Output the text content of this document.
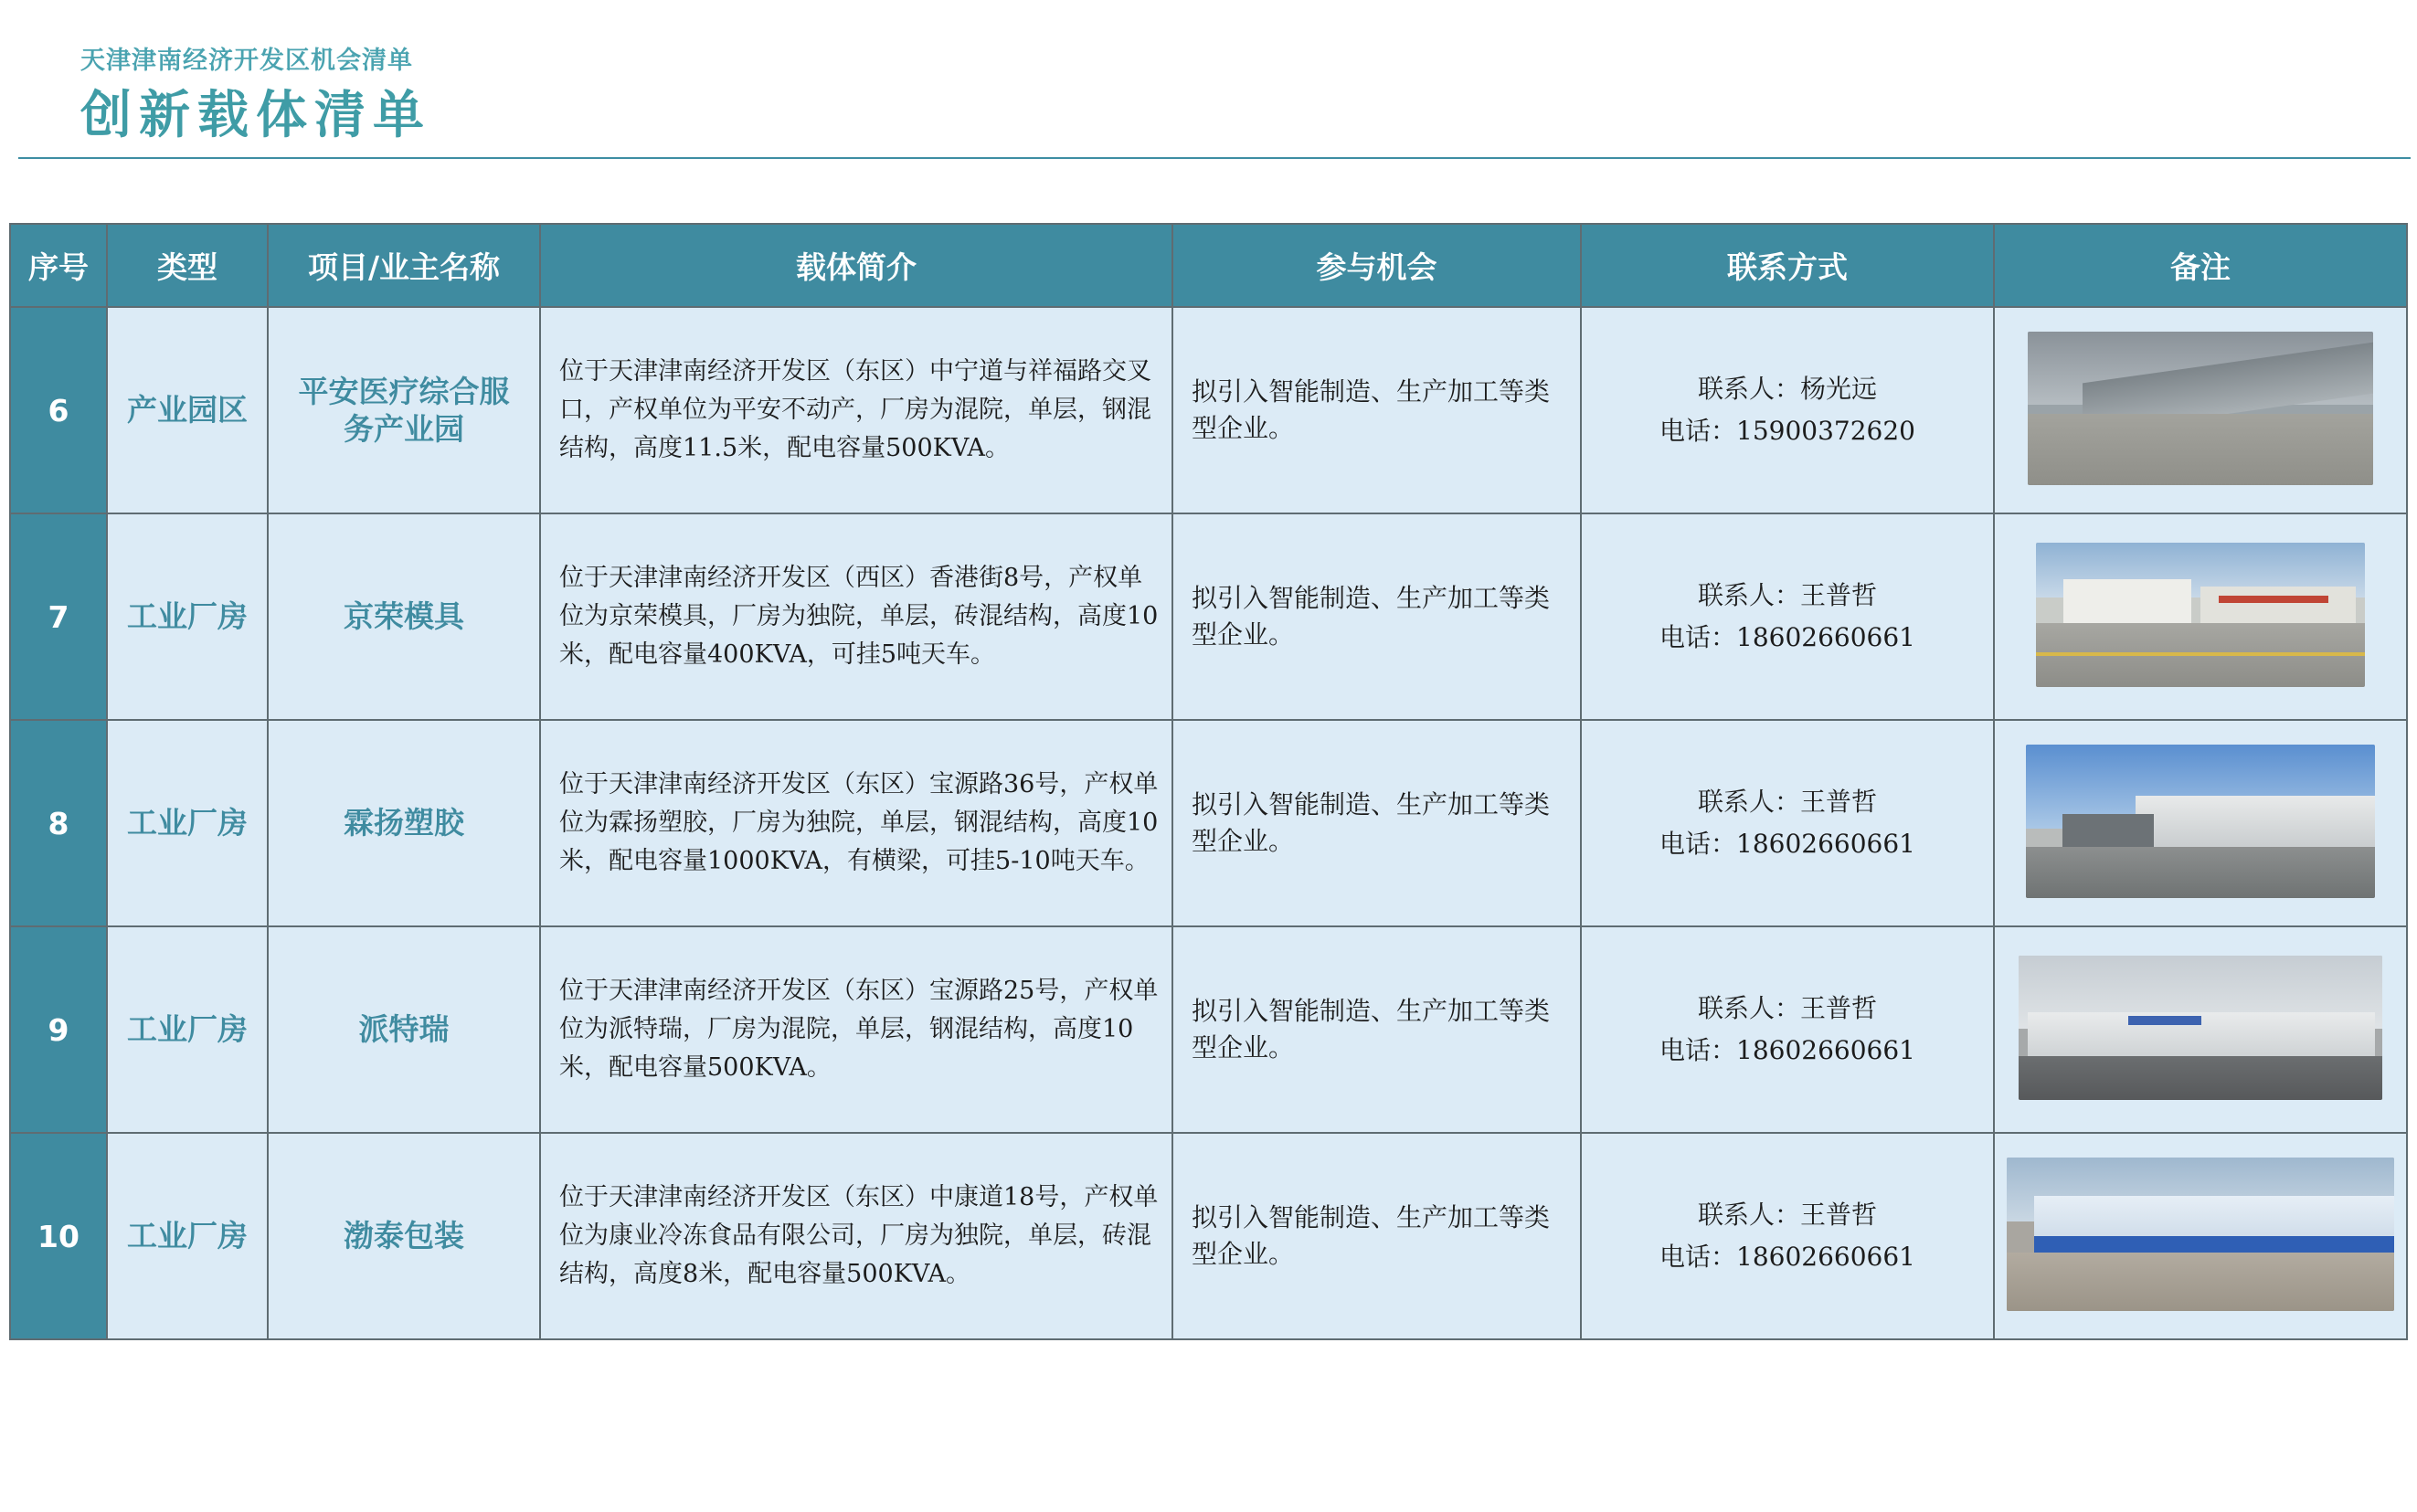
天津津南经济开发区机会清单
创新载体清单
序号	类型	项目/业主名称	载体简介	参与机会	联系方式	备注
6	产业园区	平安医疗综合服务产业园	位于天津津南经济开发区（东区）中宁道与祥福路交叉口，产权单位为平安不动产，厂房为混院，单层，钢混结构，高度11.5米，配电容量500KVA。	拟引入智能制造、生产加工等类型企业。	联系人：杨光远
电话：15900372620	

7	工业厂房	京荣模具	位于天津津南经济开发区（西区）香港街8号，产权单位为京荣模具，厂房为独院，单层，砖混结构，高度10米，配电容量400KVA，可挂5吨天车。	拟引入智能制造、生产加工等类型企业。	联系人：王普哲
电话：18602660661	

8	工业厂房	霖扬塑胶	位于天津津南经济开发区（东区）宝源路36号，产权单位为霖扬塑胶，厂房为独院，单层，钢混结构，高度10米，配电容量1000KVA，有横梁，可挂5-10吨天车。	拟引入智能制造、生产加工等类型企业。	联系人：王普哲
电话：18602660661	

9	工业厂房	派特瑞	位于天津津南经济开发区（东区）宝源路25号，产权单位为派特瑞，厂房为混院，单层，钢混结构，高度10米，配电容量500KVA。	拟引入智能制造、生产加工等类型企业。	联系人：王普哲
电话：18602660661	

10	工业厂房	渤泰包装	位于天津津南经济开发区（东区）中康道18号，产权单位为康业冷冻食品有限公司，厂房为独院，单层，砖混结构，高度8米，配电容量500KVA。	拟引入智能制造、生产加工等类型企业。	联系人：王普哲
电话：18602660661	
